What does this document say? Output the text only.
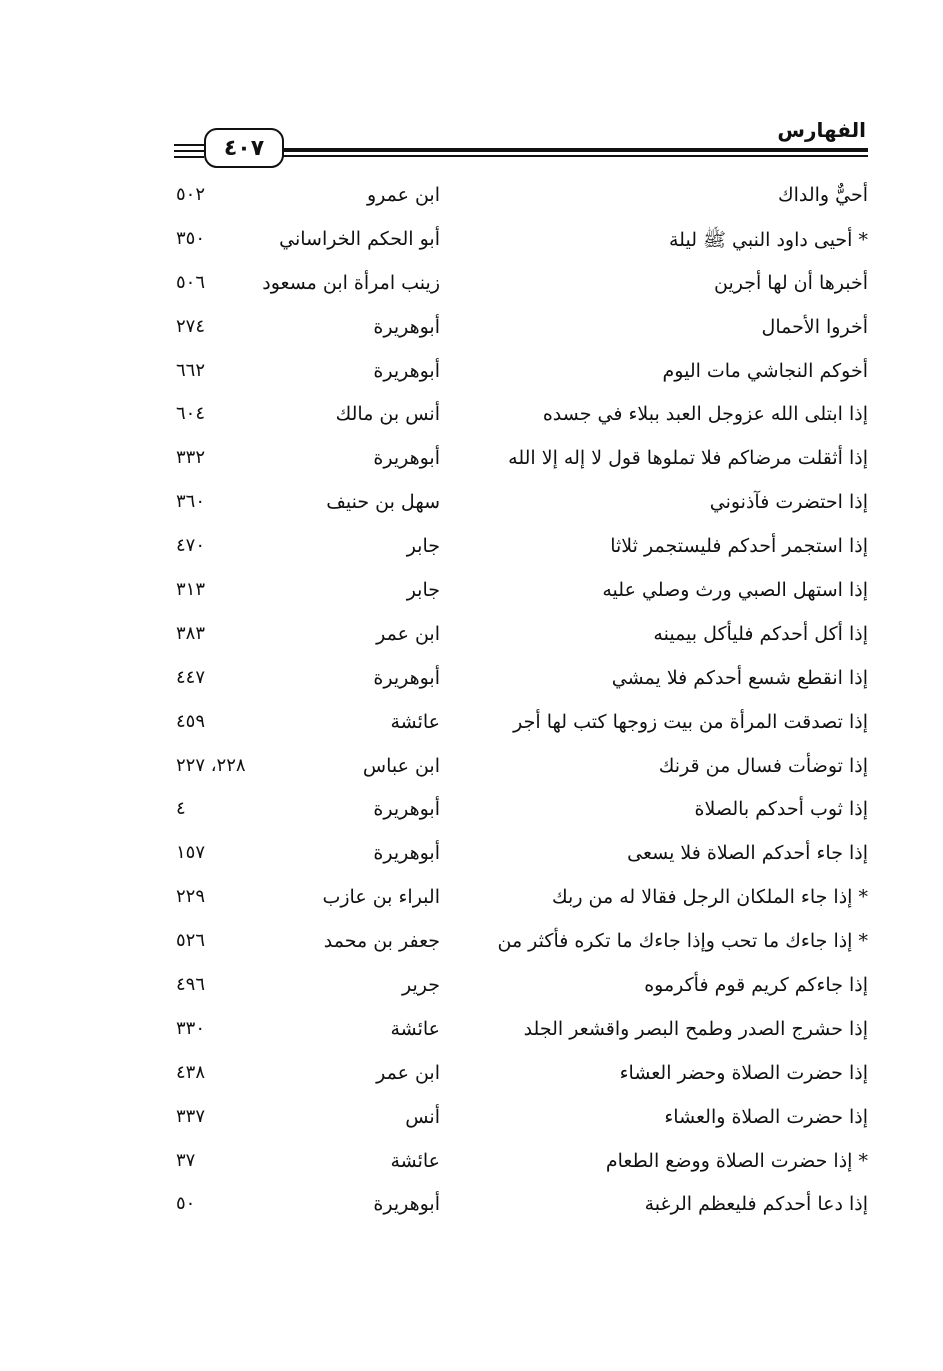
الفهارس
٤٠٧
أحيٌّ والداك
ابن عمرو
٥٠٢
* أحيى داود النبي ﷺ ليلة
أبو الحكم الخراساني
٣٥٠
أخبرها أن لها أجرين
زينب امرأة ابن مسعود
٥٠٦
أخروا الأحمال
أبوهريرة
٢٧٤
أخوكم النجاشي مات اليوم
أبوهريرة
٦٦٢
إذا ابتلى الله عزوجل العبد ببلاء في جسده
أنس بن مالك
٦٠٤
إذا أثقلت مرضاكم فلا تملوها قول لا إله إلا الله
أبوهريرة
٣٣٢
إذا احتضرت فآذنوني
سهل بن حنيف
٣٦٠
إذا استجمر أحدكم فليستجمر ثلاثا
جابر
٤٧٠
إذا استهل الصبي ورث وصلي عليه
جابر
٣١٣
إذا أكل أحدكم فليأكل بيمينه
ابن عمر
٣٨٣
إذا انقطع شسع أحدكم فلا يمشي
أبوهريرة
٤٤٧
إذا تصدقت المرأة من بيت زوجها كتب لها أجر
عائشة
٤٥٩
إذا توضأت فسال من قرنك
ابن عباس
٢٢٨، ٢٢٧
إذا ثوب أحدكم بالصلاة
أبوهريرة
٤
إذا جاء أحدكم الصلاة فلا يسعى
أبوهريرة
١٥٧
* إذا جاء الملكان الرجل فقالا له من ربك
البراء بن عازب
٢٢٩
* إذا جاءك ما تحب وإذا جاءك ما تكره فأكثر من
جعفر بن محمد
٥٢٦
إذا جاءكم كريم قوم فأكرموه
جرير
٤٩٦
إذا حشرج الصدر وطمح البصر واقشعر الجلد
عائشة
٣٣٠
إذا حضرت الصلاة وحضر العشاء
ابن عمر
٤٣٨
إذا حضرت الصلاة والعشاء
أنس
٣٣٧
* إذا حضرت الصلاة ووضع الطعام
عائشة
٣٧
إذا دعا أحدكم فليعظم الرغبة
أبوهريرة
٥٠
